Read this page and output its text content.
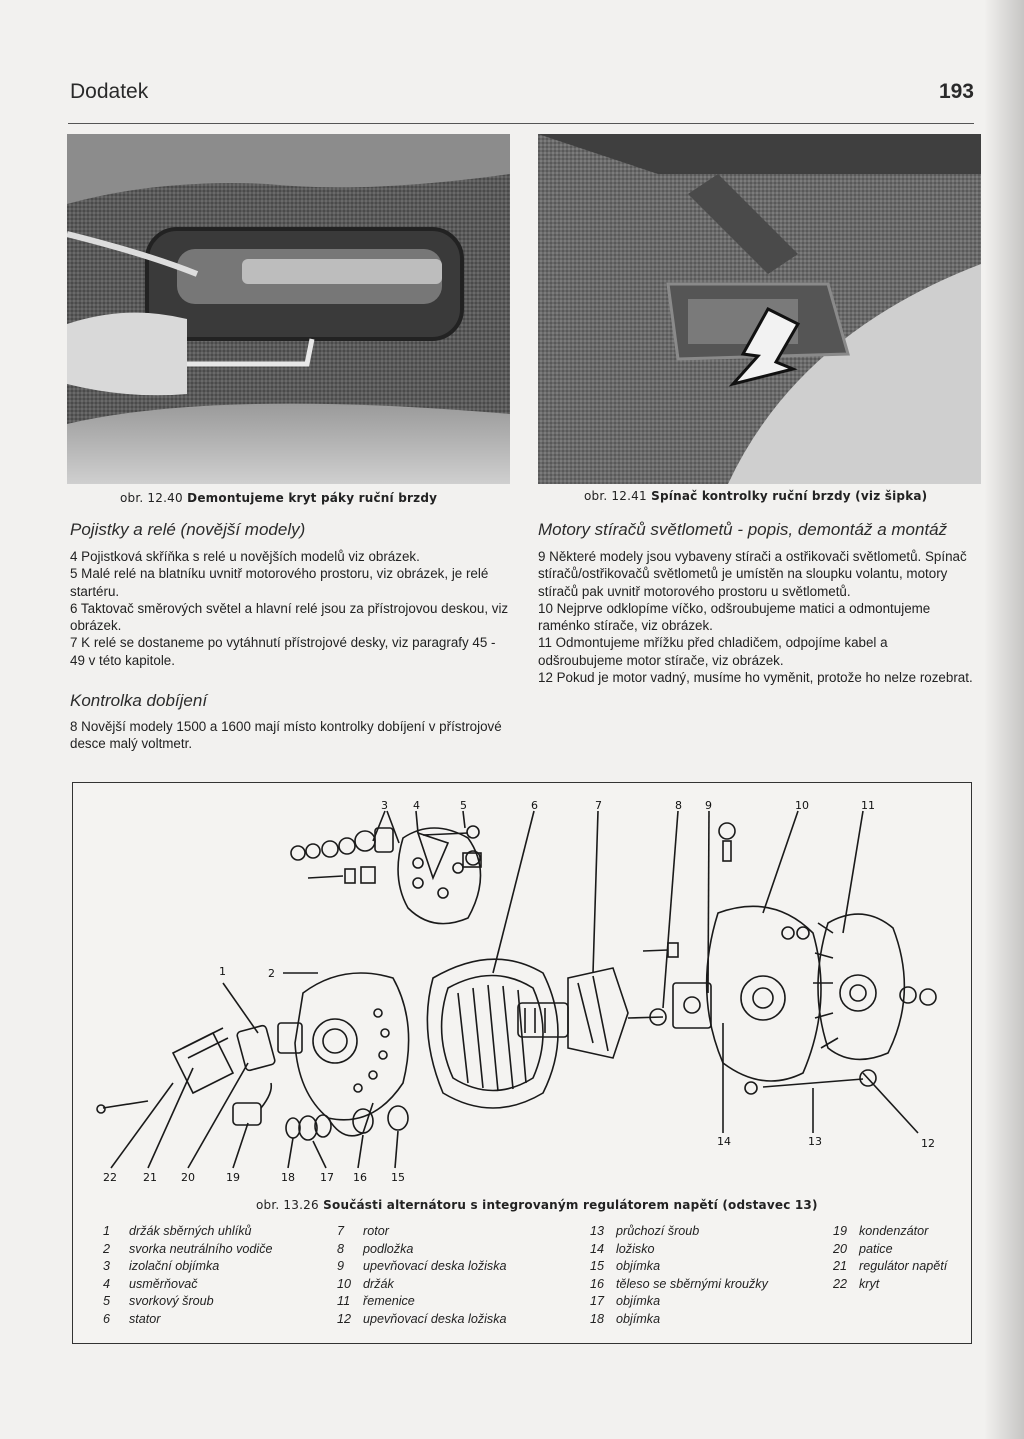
Dodatek	193
obr. 12.40 Demontujeme kryt páky ruční brzdy	obr. 12.41 Spínač kontrolky ruční brzdy (viz šipka)
Pojistky a relé (novější modely)

4 Pojistková skříňka s relé u novějších modelů viz obrázek.

5 Malé relé na blatníku uvnitř motorového prostoru, viz obrázek, je relé startéru.

6 Taktovač směrových světel a hlavní relé jsou za přístrojovou deskou, viz obrázek.

7 K relé se dostaneme po vytáhnutí přístrojové desky, viz paragrafy 45 - 49 v této kapitole.

Kontrolka dobíjení

8 Novější modely 1500 a 1600 mají místo kontrolky dobíjení v přístrojové desce malý voltmetr.

Motory stíračů světlometů - popis, demontáž a montáž

9 Některé modely jsou vybaveny stírači a ostřikovači světlometů. Spínač stíračů/ostřikovačů světlometů je umístěn na sloupku volantu, motory stíračů pak uvnitř motorového prostoru u světlometů.

10 Nejprve odklopíme víčko, odšroubujeme matici a odmontujeme raménko stírače, viz obrázek.

11 Odmontujeme mřížku před chladičem, odpojíme kabel a odšroubujeme motor stírače, viz obrázek.

12 Pokud je motor vadný, musíme ho vyměnit, protože ho nelze rozebrat.

3 4	5	6	7	8 9	10	11
1	2
14	13	12
22 21 20	19	18 17 16 15
obr. 13.26 Součásti alternátoru s integrovaným regulátorem napětí (odstavec 13)
1	držák sběrných uhlíků
2	svorka neutrálního vodiče
3	izolační objímka
4	usměrňovač
5	svorkový šroub
6	stator
7	rotor
8	podložka
9	upevňovací deska ložiska
10 držák
11	řemenice
12 upevňovací deska ložiska
13 průchozí šroub
14 ložisko
15 objímka
16 těleso se sběrnými kroužky
17 objímka
18 objímka
19 kondenzátor
20 patice
21 regulátor napětí
22 kryt
